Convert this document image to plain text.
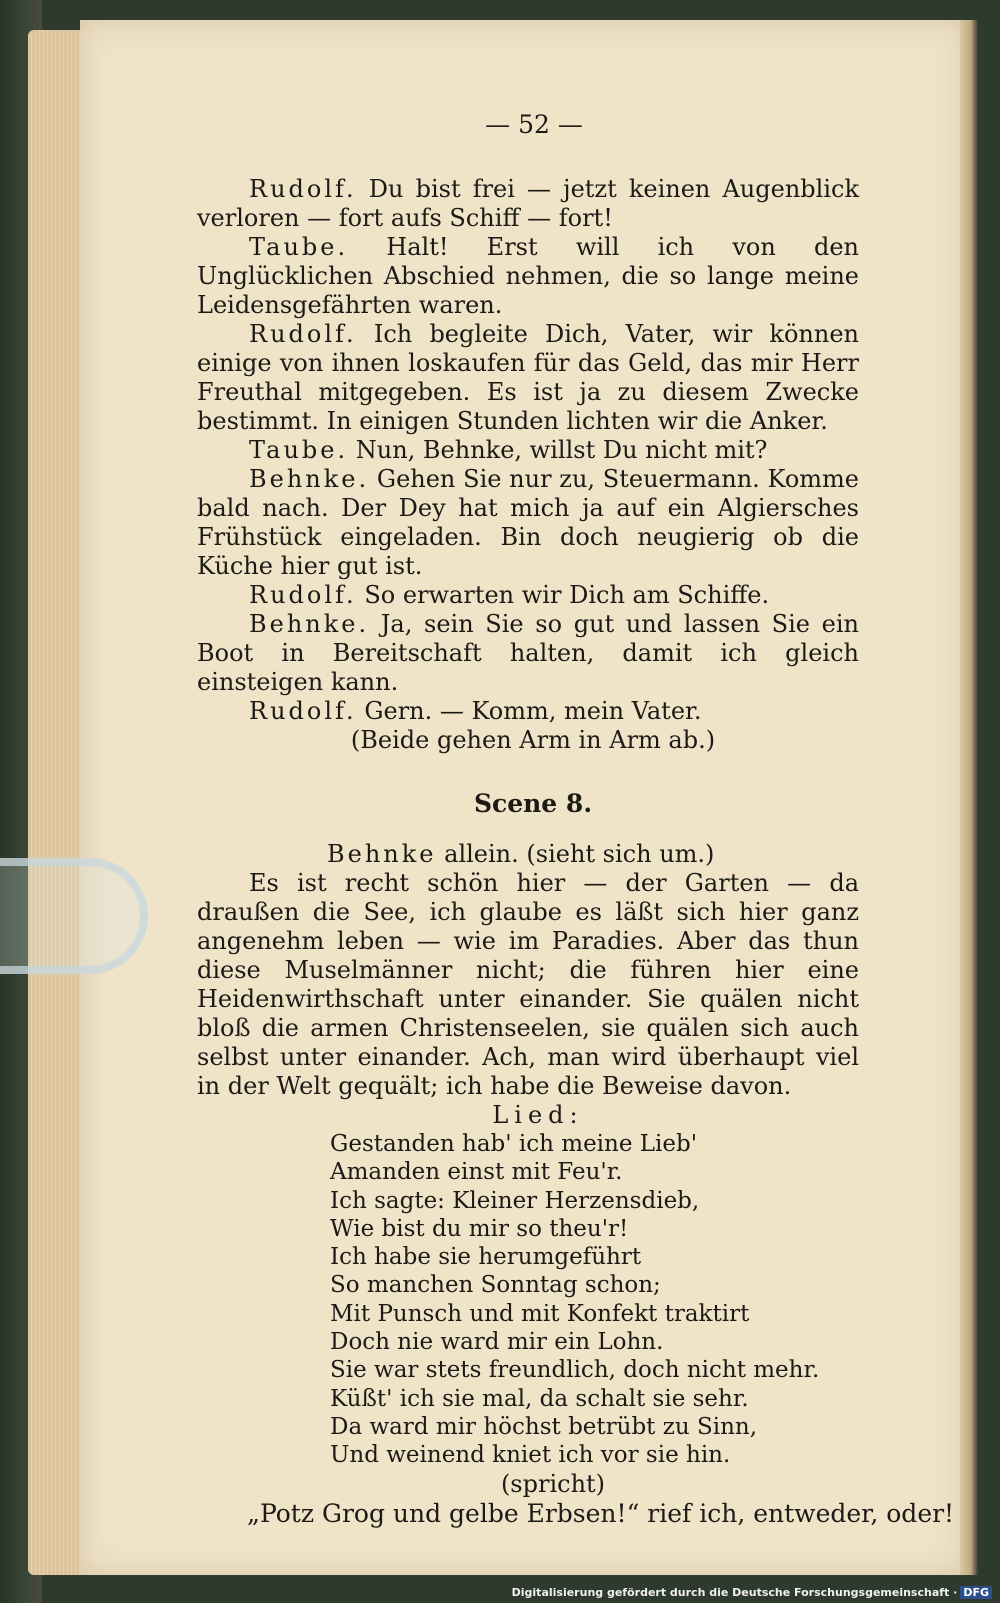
— 52 —

Rudolf. Du bist frei — jetzt keinen Augenblick verloren — fort aufs Schiff — fort!

Taube. Halt! Erst will ich von den Unglücklichen Abschied nehmen, die so lange meine Leidensgefährten waren.

Rudolf. Ich begleite Dich, Vater, wir können einige von ihnen loskaufen für das Geld, das mir Herr Freuthal mitgegeben. Es ist ja zu diesem Zwecke bestimmt. In einigen Stunden lichten wir die Anker.

Taube. Nun, Behnke, willst Du nicht mit?

Behnke. Gehen Sie nur zu, Steuermann. Komme bald nach. Der Dey hat mich ja auf ein Algiersches Frühstück eingeladen. Bin doch neugierig ob die Küche hier gut ist.

Rudolf. So erwarten wir Dich am Schiffe.

Behnke. Ja, sein Sie so gut und lassen Sie ein Boot in Bereitschaft halten, damit ich gleich einsteigen kann.

Rudolf. Gern. — Komm, mein Vater.

(Beide gehen Arm in Arm ab.)
Scene 8.
Behnke allein. (sieht sich um.)

Es ist recht schön hier — der Garten — da draußen die See, ich glaube es läßt sich hier ganz angenehm leben — wie im Paradies. Aber das thun diese Muselmänner nicht; die führen hier eine Heidenwirthschaft unter einander. Sie quälen nicht bloß die armen Christenseelen, sie quälen sich auch selbst unter einander. Ach, man wird überhaupt viel in der Welt gequält; ich habe die Beweise davon.

Lied:
Gestanden hab' ich meine Lieb'
Amanden einst mit Feu'r.
Ich sagte: Kleiner Herzensdieb,
Wie bist du mir so theu'r!
Ich habe sie herumgeführt
So manchen Sonntag schon;
Mit Punsch und mit Konfekt traktirt
Doch nie ward mir ein Lohn.
Sie war stets freundlich, doch nicht mehr.
Küßt' ich sie mal, da schalt sie sehr.
Da ward mir höchst betrübt zu Sinn,
Und weinend kniet ich vor sie hin.
(spricht)
„Potz Grog und gelbe Erbsen!“ rief ich, entweder, oder!
Digitalisierung gefördert durch die Deutsche Forschungsgemeinschaft · DFG
